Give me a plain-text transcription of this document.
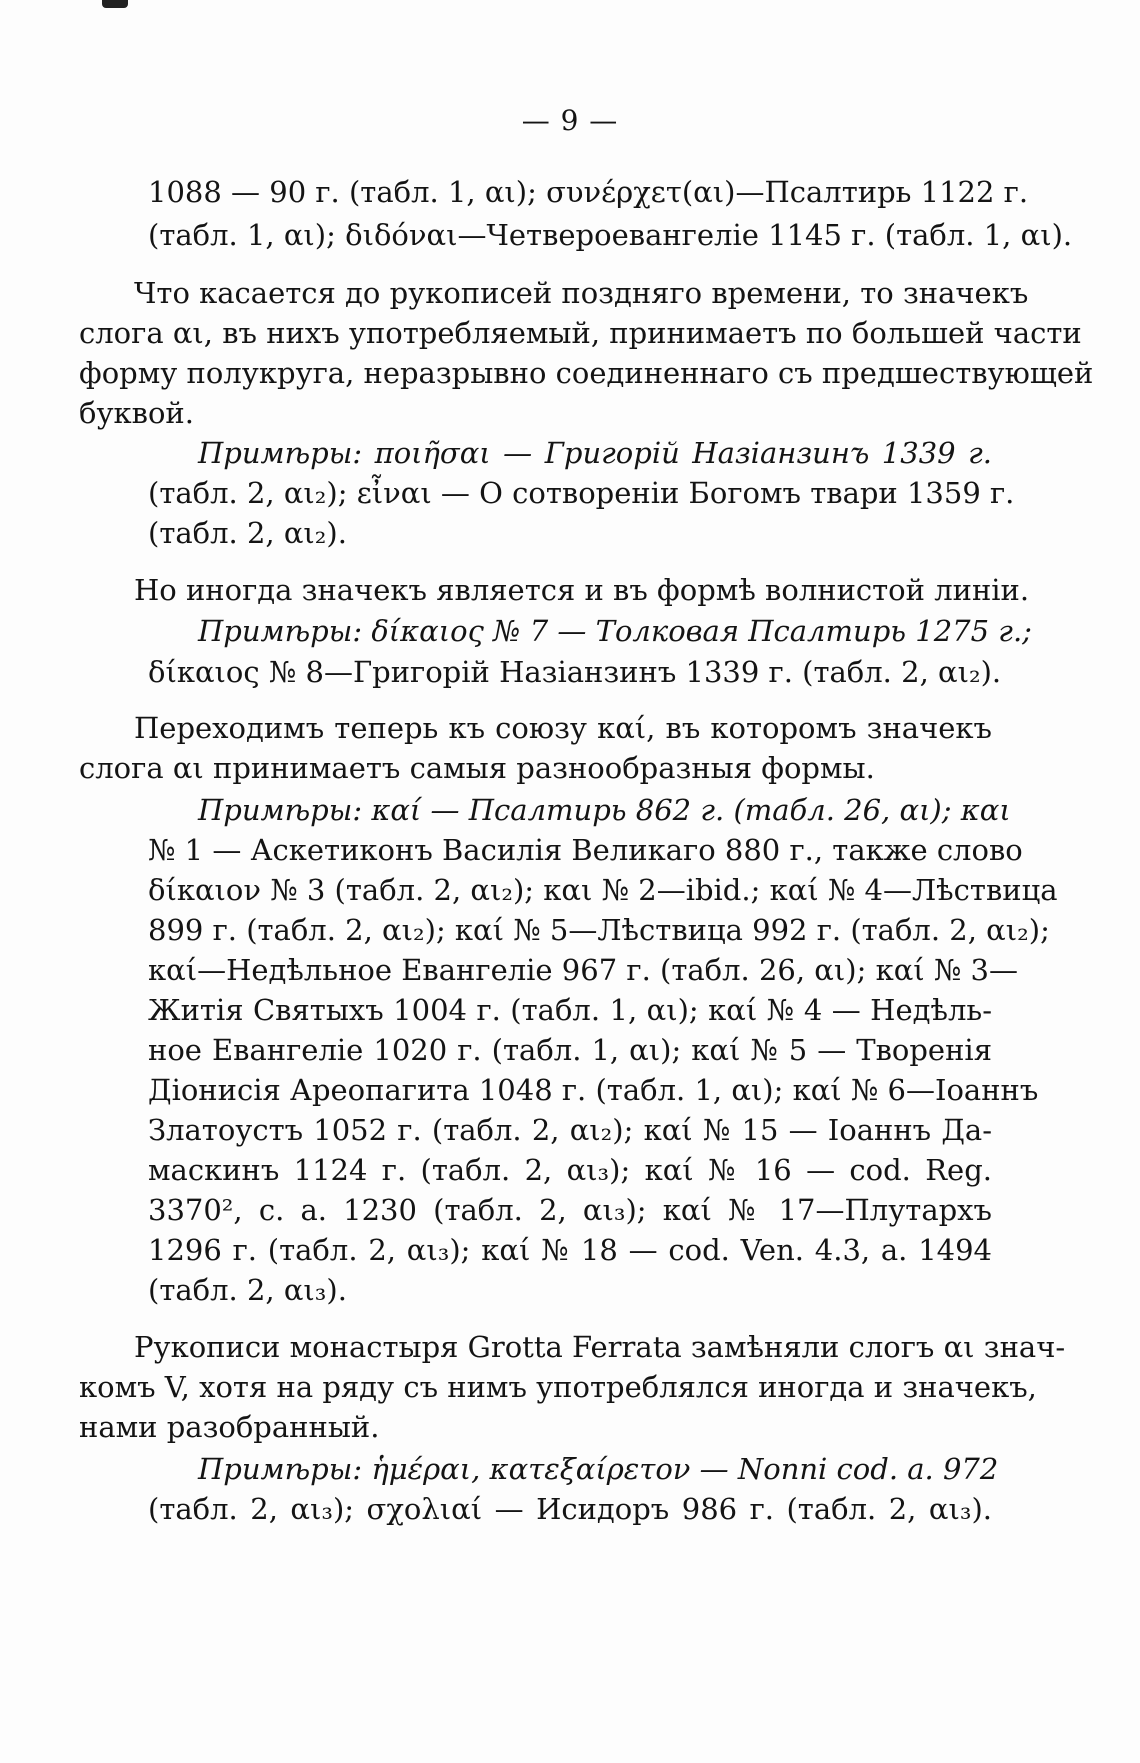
— 9 —
1088 — 90 г. (табл. 1, αι); συνέρχετ(αι)—Псалтирь 1122 г.
(табл. 1, αι); διδόναι—Четвероевангеліе 1145 г. (табл. 1, αι).
Что касается до рукописей поздняго времени, то значекъ
слога αι, въ нихъ употребляемый, принимаетъ по большей части
форму полукруга, неразрывно соединеннаго съ предшествующей
буквой.
Примѣры: ποιῆσαι — Григорій Назіанзинъ 1339 г.
(табл. 2, αι₂); εἶναι — О сотвореніи Богомъ твари 1359 г.
(табл. 2, αι₂).
Но иногда значекъ является и въ формѣ волнистой линіи.
Примѣры: δίκαιος № 7 — Толковая Псалтирь 1275 г.;
δίκαιος № 8—Григорій Назіанзинъ 1339 г. (табл. 2, αι₂).
Переходимъ теперь къ союзу καί, въ которомъ значекъ
слога αι принимаетъ самыя разнообразныя формы.
Примѣры: καί — Псалтирь 862 г. (табл. 26, αι); και
№ 1 — Аскетиконъ Василія Великаго 880 г., также слово
δίκαιον № 3 (табл. 2, αι₂); και № 2—ibid.; καί № 4—Лѣствица
899 г. (табл. 2, αι₂); καί № 5—Лѣствица 992 г. (табл. 2, αι₂);
καί—Недѣльное Евангеліе 967 г. (табл. 26, αι); καί № 3—
Житія Святыхъ 1004 г. (табл. 1, αι); καί № 4 — Недѣль-
ное Евангеліе 1020 г. (табл. 1, αι); καί № 5 — Творенія
Діонисія Ареопагита 1048 г. (табл. 1, αι); καί № 6—Іоаннъ
Златоустъ 1052 г. (табл. 2, αι₂); καί № 15 — Іоаннъ Да-
маскинъ 1124 г. (табл. 2, αι₃); καί № 16 — cod. Reg.
3370², c. a. 1230 (табл. 2, αι₃); καί № 17—Плутархъ
1296 г. (табл. 2, αι₃); καί № 18 — cod. Ven. 4.3, a. 1494
(табл. 2, αι₃).
Рукописи монастыря Grotta Ferrata замѣняли слогъ αι знач-
комъ V, хотя на ряду съ нимъ употреблялся иногда и значекъ,
нами разобранный.
Примѣры: ἡμέραι, κατεξαίρετον — Nonni cod. a. 972
(табл. 2, αι₃); σχολιαί — Исидоръ 986 г. (табл. 2, αι₃).
